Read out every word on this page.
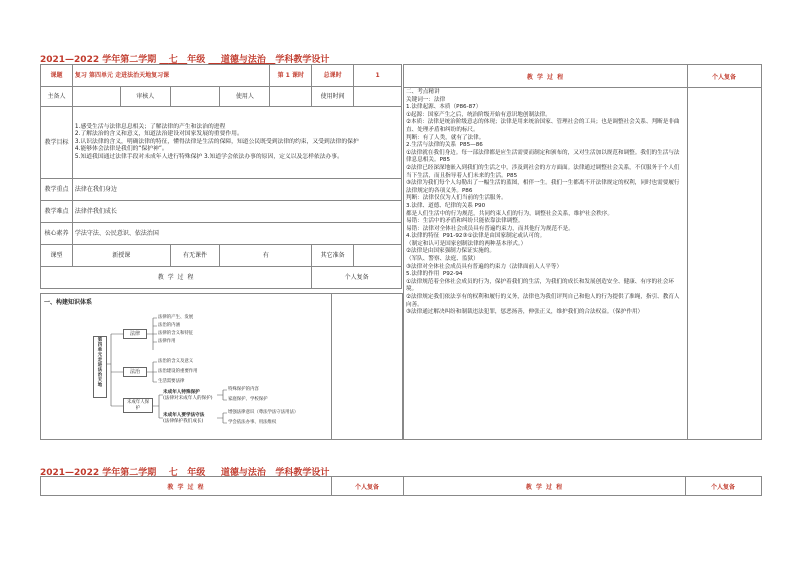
2021—2022 学年第二学期 七 年级 道德与法治 学科教学设计
课题	复习 第四单元 走进法治天地复习课				第 1 课时	总课时	1
主备人		审核人		使用人		使用时间	
教学目标	1.感受生活与法律息息相关；了解法律的产生和法治的进程
2.了解法治的含义和意义，知道法治建设对国家发展的重要作用。
3.认识法律的含义，明确法律的特征，懂得法律是生活的保障，知道公民既受到法律的约束，又受到法律的保护
4.能够体会法律是我们的“保护神”。
5.知道我国通过法律手段对未成年人进行特殊保护 3.知道学会依法办事的原因，定义以及怎样依法办事。						
教学重点	法律在我们身边						
教学难点	法律伴我们成长						
核心素养	学法守法、公民意识、依法治国						
课型	新授课		有无课件	有		其它准备	
教 学 过 程						个人复备	
一、构建知识体系
第四单元走进法治天地
法律
法律的产生、发展
法治的内涵
法律的含义和特征
法律作用
法治
法治的含义及意义
法治建设的重要作用
生活需要法律
未成年人保护
未成年人特殊保护
(法律对未成年人的保护)
特殊保护的内容
家庭保护、学校保护
未成年人要学法守法
(法律保护我们成长)
增强法律意识（尊法学法守法用法）
学会依法办事、用法维权
教 学 过 程	个人复备
二、考点精讲
关键词一：法律
1.法律起源、本质（P86-87）
①起源：国家产生之后，统治阶级开始有意识地创制法律。
②本质：法律是统治阶级意志的体现；法律是用来统治国家、管理社会的工具；也是调整社会关系、判断是非曲直、处理矛盾和纠纷的标尺。
判断：有了人类，就有了法律。
2.生活与法律的关系  P85—86
①法律就在我们身边。每一部法律都是应生活需要而制定和颁布的，又对生活加以规范和调整。我们的生活与法律息息相关。P85
②法律已经深深地嵌入到我们的生活之中，涉及到社会的方方面面。法律通过调整社会关系，不仅服务于个人们当下生活，而且指导着人们未来的生活。P85
③法律为我们每个人勾勒出了一幅生活的蓝图，相伴一生。我们一生都离不开法律规定的权利，同时也需要履行法律规定的各项义务。P86
判断：法律仅仅为人们当前的生活服务。
3.法律、道德、纪律的关系 P90
都是人们生活中的行为规范，共同约束人们的行为，调整社会关系，维护社会秩序。
易错：生活中的矛盾和纠纷只能依靠法律调整。
易错：法律对全体社会成员具有普遍约束力，而其他行为规范不是。
4.法律的特征  P91-92③①法律是由国家制定或认可的。
（制定和认可是国家创制法律的两种基本形式。）
②法律是由国家强制力保证实施的。
（军队、警察、法庭、监狱）
③法律对全体社会成员具有普遍的约束力（法律面前人人平等）
5.法律的作用  P92-94
①法律规范着全体社会成员的行为，保护着我们的生活，为我们的成长和发展创造安全、健康、有序的社会环境。
②法律规定我们依法享有的权利和履行的义务，法律也为我们评判自己和他人的行为提供了准绳，指引、教育人向善。
③法律通过解决纠纷和制裁违法犯罪，惩恶扬善，伸张正义，维护我们的合法权益。（保护作用）
2021—2022 学年第二学期 七 年级 道德与法治 学科教学设计
教 学 过 程	个人复备	教 学 过 程	个人复备
